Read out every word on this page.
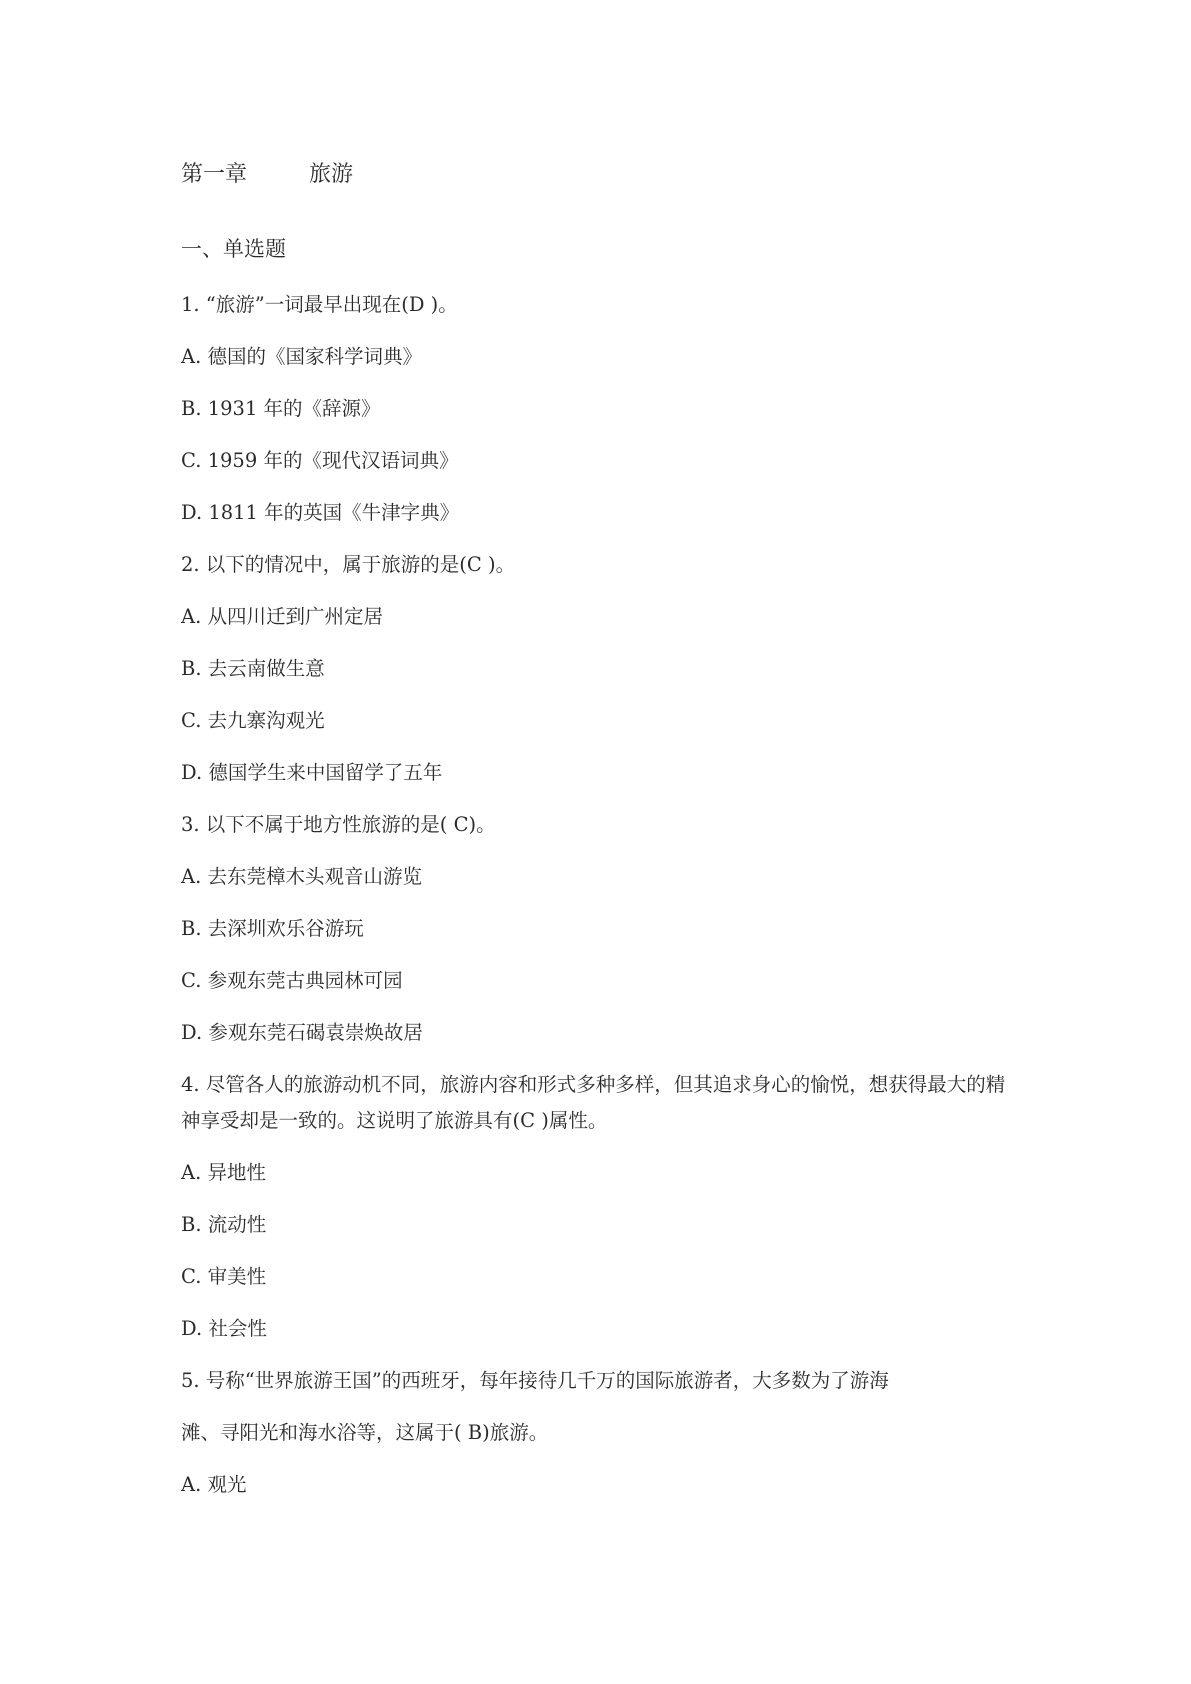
第一章	旅游
一、单选题
1. “旅游”一词最早出现在(D )。
A. 德国的《国家科学词典》
B. 1931 年的《辞源》
C. 1959 年的《现代汉语词典》
D. 1811 年的英国《牛津字典》
2. 以下的情况中，属于旅游的是(C )。
A. 从四川迁到广州定居
B. 去云南做生意
C. 去九寨沟观光
D. 德国学生来中国留学了五年
3. 以下不属于地方性旅游的是( C)。
A. 去东莞樟木头观音山游览
B. 去深圳欢乐谷游玩
C. 参观东莞古典园林可园
D. 参观东莞石碣袁崇焕故居
4. 尽管各人的旅游动机不同，旅游内容和形式多种多样，但其追求身心的愉悦，想获得最大的精神享受却是一致的。这说明了旅游具有(C )属性。
A. 异地性
B. 流动性
C. 审美性
D. 社会性
5. 号称“世界旅游王国”的西班牙，每年接待几千万的国际旅游者，大多数为了游海
滩、寻阳光和海水浴等，这属于( B)旅游。
A. 观光
